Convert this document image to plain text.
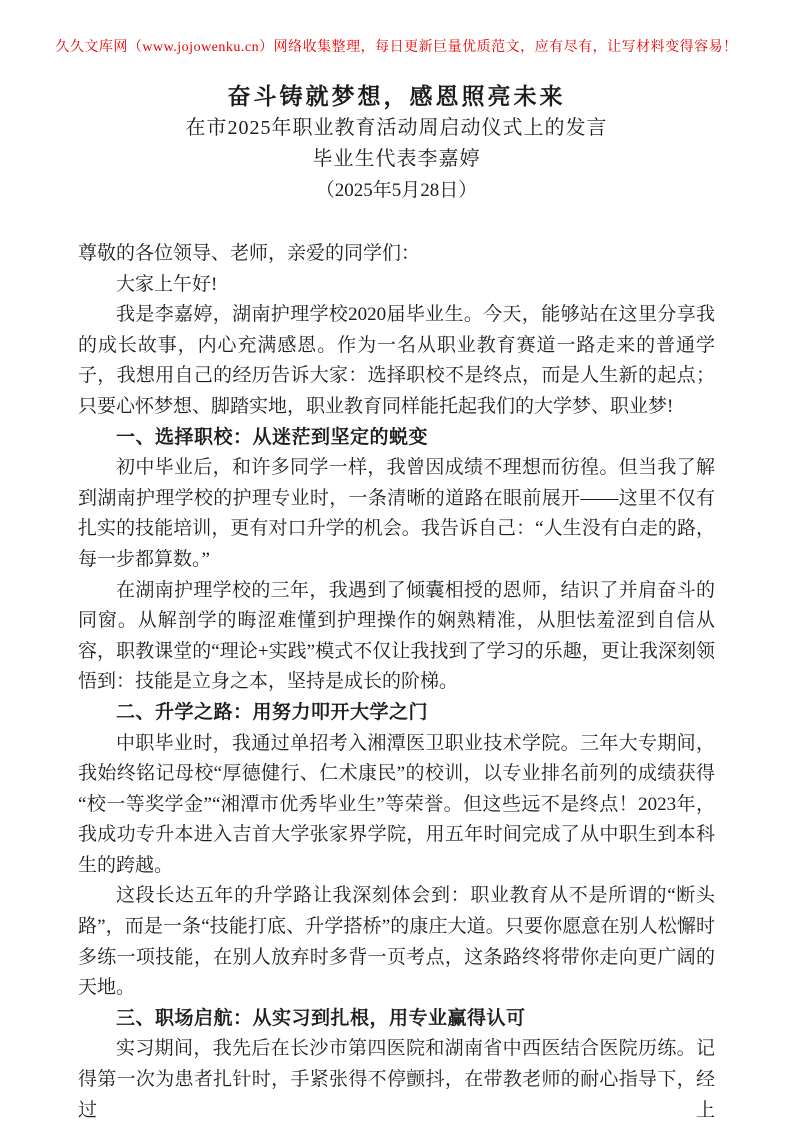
久久文库网（www.jojowenku.cn）网络收集整理，每日更新巨量优质范文，应有尽有，让写材料变得容易！
奋斗铸就梦想，感恩照亮未来
在市2025年职业教育活动周启动仪式上的发言
毕业生代表李嘉婷
（2025年5月28日）

尊敬的各位领导、老师，亲爱的同学们：

大家上午好!

我是李嘉婷，湖南护理学校2020届毕业生。今天，能够站在这里分享我的成长故事，内心充满感恩。作为一名从职业教育赛道一路走来的普通学子，我想用自己的经历告诉大家：选择职校不是终点，而是人生新的起点；只要心怀梦想、脚踏实地，职业教育同样能托起我们的大学梦、职业梦!

一、选择职校：从迷茫到坚定的蜕变

初中毕业后，和许多同学一样，我曾因成绩不理想而彷徨。但当我了解到湖南护理学校的护理专业时，一条清晰的道路在眼前展开——这里不仅有扎实的技能培训，更有对口升学的机会。我告诉自己：“人生没有白走的路，每一步都算数。”

在湖南护理学校的三年，我遇到了倾囊相授的恩师，结识了并肩奋斗的同窗。从解剖学的晦涩难懂到护理操作的娴熟精准，从胆怯羞涩到自信从容，职教课堂的“理论+实践”模式不仅让我找到了学习的乐趣，更让我深刻领悟到：技能是立身之本，坚持是成长的阶梯。

二、升学之路：用努力叩开大学之门

中职毕业时，我通过单招考入湘潭医卫职业技术学院。三年大专期间，我始终铭记母校“厚德健行、仁术康民”的校训，以专业排名前列的成绩获得“校一等奖学金”“湘潭市优秀毕业生”等荣誉。但这些远不是终点！2023年，我成功专升本进入吉首大学张家界学院，用五年时间完成了从中职生到本科生的跨越。

这段长达五年的升学路让我深刻体会到：职业教育从不是所谓的“断头路”，而是一条“技能打底、升学搭桥”的康庄大道。只要你愿意在别人松懈时多练一项技能，在别人放弃时多背一页考点，这条路终将带你走向更广阔的天地。

三、职场启航：从实习到扎根，用专业赢得认可

实习期间，我先后在长沙市第四医院和湖南省中西医结合医院历练。记得第一次为患者扎针时，手紧张得不停颤抖，在带教老师的耐心指导下，经过上
